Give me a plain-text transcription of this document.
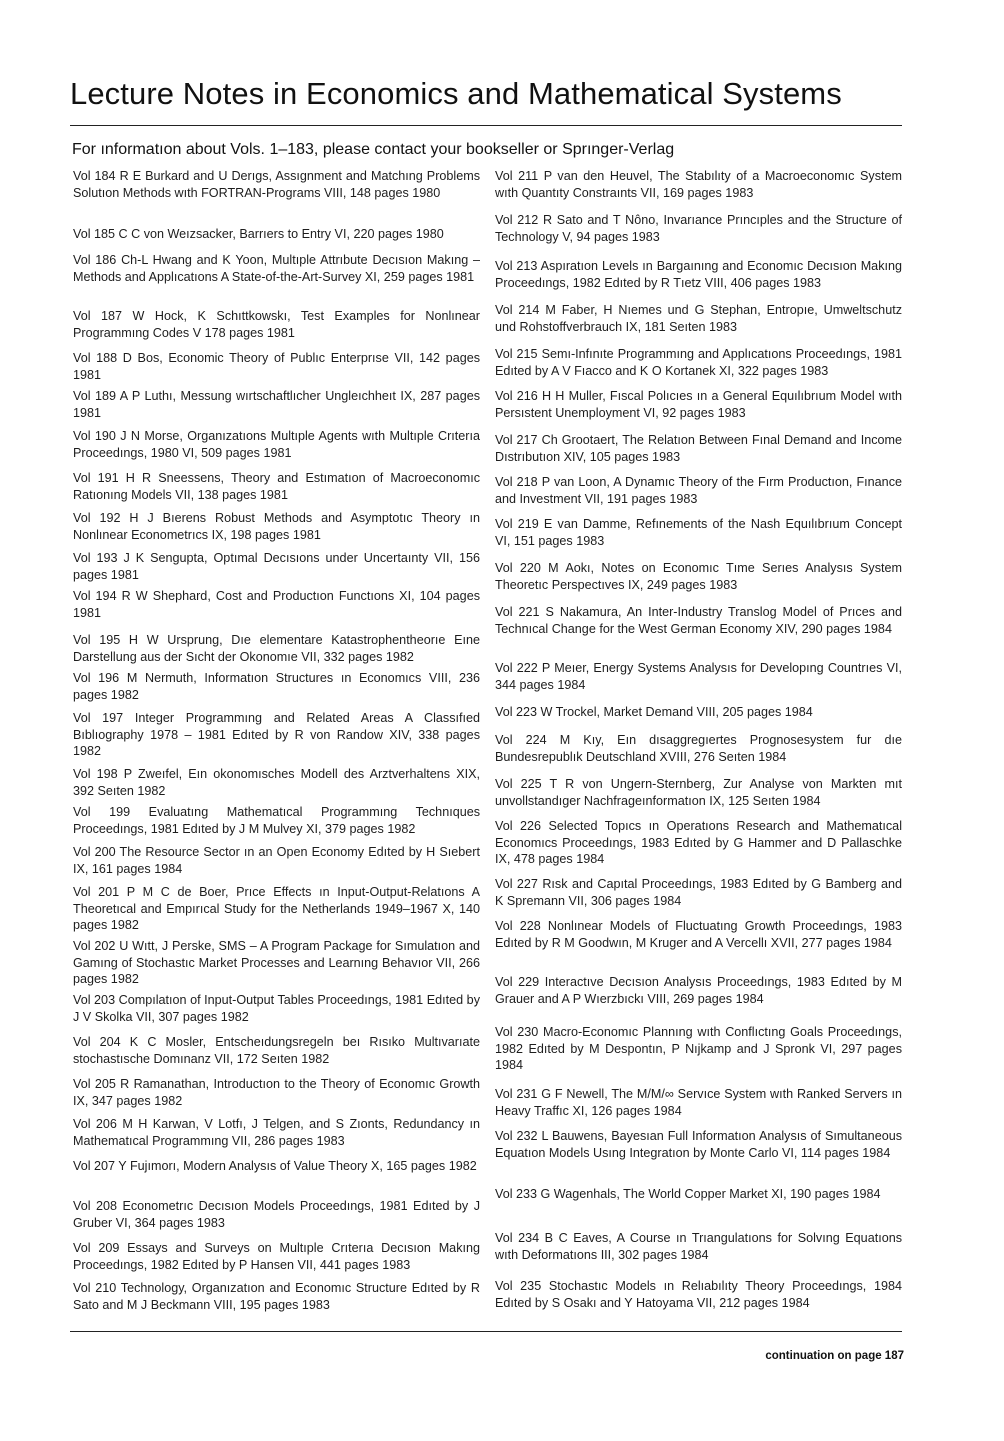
Lecture Notes in Economics and Mathematical Systems
For ınformatıon about Vols. 1–183, please contact your bookseller or Sprınger-Verlag

Vol 184 R E Burkard and U Derıgs, Assıgnment and Matchıng Problems Solutıon Methods wıth FORTRAN-Programs VIII, 148 pages 1980

Vol 185 C C von Weızsacker, Barrıers to Entry VI, 220 pages 1980

Vol 186 Ch-L Hwang and K Yoon, Multıple Attrıbute Decısıon Makıng – Methods and Applıcatıons A State-of-the-Art-Survey XI, 259 pages 1981

Vol 187 W Hock, K Schıttkowskı, Test Examples for Nonlınear Programmıng Codes V 178 pages 1981

Vol 188 D Bos, Economic Theory of Publıc Enterprıse VII, 142 pages 1981

Vol 189 A P Luthı, Messung wırtschaftlıcher Ungleıchheıt IX, 287 pages 1981

Vol 190 J N Morse, Organızatıons Multıple Agents wıth Multıple Crıterıa Proceedıngs, 1980 VI, 509 pages 1981

Vol 191 H R Sneessens, Theory and Estımatıon of Macroeconomıc Ratıonıng Models VII, 138 pages 1981

Vol 192 H J Bıerens Robust Methods and Asymptotıc Theory ın Nonlınear Econometrıcs IX, 198 pages 1981

Vol 193 J K Sengupta, Optımal Decısıons under Uncertaınty VII, 156 pages 1981

Vol 194 R W Shephard, Cost and Productıon Functıons XI, 104 pages 1981

Vol 195 H W Ursprung, Dıe elementare Katastrophentheorıe Eıne Darstellung aus der Sıcht der Okonomıe VII, 332 pages 1982

Vol 196 M Nermuth, Informatıon Structures ın Economıcs VIII, 236 pages 1982

Vol 197 Integer Programmıng and Related Areas A Classıfıed Bıblıography 1978 – 1981 Edıted by R von Randow XIV, 338 pages 1982

Vol 198 P Zweıfel, Eın okonomısches Modell des Arztverhaltens XIX, 392 Seıten 1982

Vol 199 Evaluatıng Mathematıcal Programmıng Technıques Proceedıngs, 1981 Edıted by J M Mulvey XI, 379 pages 1982

Vol 200 The Resource Sector ın an Open Economy Edıted by H Sıebert IX, 161 pages 1984

Vol 201 P M C de Boer, Prıce Effects ın Input-Output-Relatıons A Theoretıcal and Empırıcal Study for the Netherlands 1949–1967 X, 140 pages 1982

Vol 202 U Wıtt, J Perske, SMS – A Program Package for Sımulatıon and Gamıng of Stochastıc Market Processes and Learnıng Behavıor VII, 266 pages 1982

Vol 203 Compılatıon of Input-Output Tables Proceedıngs, 1981 Edıted by J V Skolka VII, 307 pages 1982

Vol 204 K C Mosler, Entscheıdungsregeln beı Rısıko Multıvarıate stochastısche Domınanz VII, 172 Seıten 1982

Vol 205 R Ramanathan, Introductıon to the Theory of Economıc Growth IX, 347 pages 1982

Vol 206 M H Karwan, V Lotfı, J Telgen, and S Zıonts, Redundancy ın Mathematıcal Programmıng VII, 286 pages 1983

Vol 207 Y Fujımorı, Modern Analysıs of Value Theory X, 165 pages 1982

Vol 208 Econometrıc Decısıon Models Proceedıngs, 1981 Edıted by J Gruber VI, 364 pages 1983

Vol 209 Essays and Surveys on Multıple Crıterıa Decısıon Makıng Proceedıngs, 1982 Edıted by P Hansen VII, 441 pages 1983

Vol 210 Technology, Organızatıon and Economıc Structure Edıted by R Sato and M J Beckmann VIII, 195 pages 1983

Vol 211 P van den Heuvel, The Stabılıty of a Macroeconomıc System wıth Quantıty Constraınts VII, 169 pages 1983

Vol 212 R Sato and T Nôno, Invarıance Prıncıples and the Structure of Technology V, 94 pages 1983

Vol 213 Aspıratıon Levels ın Bargaınıng and Economıc Decısıon Makıng Proceedıngs, 1982 Edıted by R Tıetz VIII, 406 pages 1983

Vol 214 M Faber, H Nıemes und G Stephan, Entropıe, Umweltschutz und Rohstoffverbrauch IX, 181 Seıten 1983

Vol 215 Semı-Infınıte Programmıng and Applıcatıons Proceedıngs, 1981 Edıted by A V Fıacco and K O Kortanek XI, 322 pages 1983

Vol 216 H H Muller, Fıscal Polıcıes ın a General Equılıbrıum Model wıth Persıstent Unemployment VI, 92 pages 1983

Vol 217 Ch Grootaert, The Relatıon Between Fınal Demand and Income Dıstrıbutıon XIV, 105 pages 1983

Vol 218 P van Loon, A Dynamıc Theory of the Fırm Productıon, Fınance and Investment VII, 191 pages 1983

Vol 219 E van Damme, Refınements of the Nash Equılıbrıum Concept VI, 151 pages 1983

Vol 220 M Aokı, Notes on Economıc Tıme Serıes Analysıs System Theoretıc Perspectıves IX, 249 pages 1983

Vol 221 S Nakamura, An Inter-Industry Translog Model of Prıces and Technıcal Change for the West German Economy XIV, 290 pages 1984

Vol 222 P Meıer, Energy Systems Analysıs for Developıng Countrıes VI, 344 pages 1984

Vol 223 W Trockel, Market Demand VIII, 205 pages 1984

Vol 224 M Kıy, Eın dısaggregıertes Prognosesystem fur dıe Bundesrepublık Deutschland XVIII, 276 Seıten 1984

Vol 225 T R von Ungern-Sternberg, Zur Analyse von Markten mıt unvollstandıger Nachfrageınformatıon IX, 125 Seıten 1984

Vol 226 Selected Topıcs ın Operatıons Research and Mathematıcal Economıcs Proceedıngs, 1983 Edıted by G Hammer and D Pallaschke IX, 478 pages 1984

Vol 227 Rısk and Capıtal Proceedıngs, 1983 Edıted by G Bamberg and K Spremann VII, 306 pages 1984

Vol 228 Nonlınear Models of Fluctuatıng Growth Proceedıngs, 1983 Edıted by R M Goodwın, M Kruger and A Vercellı XVII, 277 pages 1984

Vol 229 Interactıve Decısıon Analysıs Proceedıngs, 1983 Edıted by M Grauer and A P Wıerzbıckı VIII, 269 pages 1984

Vol 230 Macro-Economıc Plannıng wıth Conflıctıng Goals Proceedıngs, 1982 Edıted by M Despontın, P Nıjkamp and J Spronk VI, 297 pages 1984

Vol 231 G F Newell, The M/M/∞ Servıce System wıth Ranked Servers ın Heavy Traffıc XI, 126 pages 1984

Vol 232 L Bauwens, Bayesıan Full Informatıon Analysıs of Sımultaneous Equatıon Models Usıng Integratıon by Monte Carlo VI, 114 pages 1984

Vol 233 G Wagenhals, The World Copper Market XI, 190 pages 1984

Vol 234 B C Eaves, A Course ın Trıangulatıons for Solvıng Equatıons wıth Deformatıons III, 302 pages 1984

Vol 235 Stochastıc Models ın Relıabılıty Theory Proceedıngs, 1984 Edıted by S Osakı and Y Hatoyama VII, 212 pages 1984

continuation on page 187
